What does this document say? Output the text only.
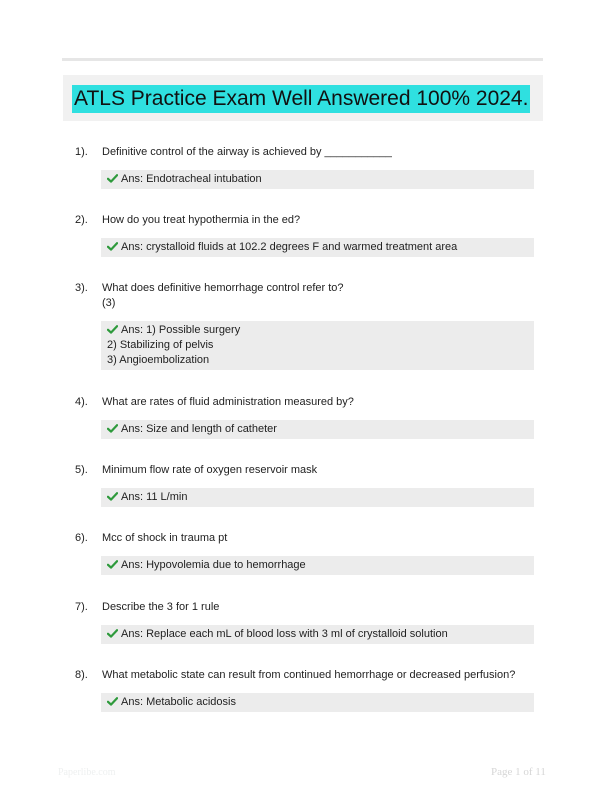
ATLS Practice Exam Well Answered 100% 2024.
1). Definitive control of the airway is achieved by ___________
Ans: Endotracheal intubation
2). How do you treat hypothermia in the ed?
Ans: crystalloid fluids at 102.2 degrees F and warmed treatment area
3). What does definitive hemorrhage control refer to?
(3)
Ans: 1) Possible surgery
2) Stabilizing of pelvis
3) Angioembolization
4). What are rates of fluid administration measured by?
Ans: Size and length of catheter
5). Minimum flow rate of oxygen reservoir mask
Ans: 11 L/min
6). Mcc of shock in trauma pt
Ans: Hypovolemia due to hemorrhage
7). Describe the 3 for 1 rule
Ans: Replace each mL of blood loss with 3 ml of crystalloid solution
8). What metabolic state can result from continued hemorrhage or decreased perfusion?
Ans: Metabolic acidosis
Paperlibe.com	Page 1 of 11
